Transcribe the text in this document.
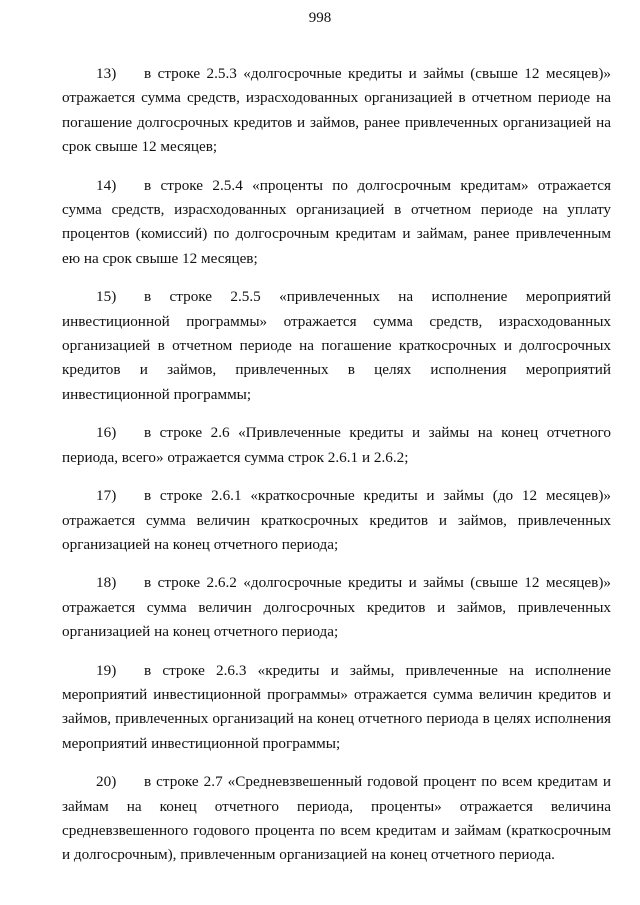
998

13) в строке 2.5.3 «долгосрочные кредиты и займы (свыше 12 месяцев)» отражается сумма средств, израсходованных организацией в отчетном периоде на погашение долгосрочных кредитов и займов, ранее привлеченных организацией на срок свыше 12 месяцев;

14) в строке 2.5.4 «проценты по долгосрочным кредитам» отражается сумма средств, израсходованных организацией в отчетном периоде на уплату процентов (комиссий) по долгосрочным кредитам и займам, ранее привлеченным ею на срок свыше 12 месяцев;

15) в строке 2.5.5 «привлеченных на исполнение мероприятий инвестиционной программы» отражается сумма средств, израсходованных организацией в отчетном периоде на погашение краткосрочных и долгосрочных кредитов и займов, привлеченных в целях исполнения мероприятий инвестиционной программы;

16) в строке 2.6 «Привлеченные кредиты и займы на конец отчетного периода, всего» отражается сумма строк 2.6.1 и 2.6.2;

17) в строке 2.6.1 «краткосрочные кредиты и займы (до 12 месяцев)» отражается сумма величин краткосрочных кредитов и займов, привлеченных организацией на конец отчетного периода;

18) в строке 2.6.2 «долгосрочные кредиты и займы (свыше 12 месяцев)» отражается сумма величин долгосрочных кредитов и займов, привлеченных организацией на конец отчетного периода;

19) в строке 2.6.3 «кредиты и займы, привлеченные на исполнение мероприятий инвестиционной программы» отражается сумма величин кредитов и займов, привлеченных организаций на конец отчетного периода в целях исполнения мероприятий инвестиционной программы;

20) в строке 2.7 «Средневзвешенный годовой процент по всем кредитам и займам на конец отчетного периода, проценты» отражается величина средневзвешенного годового процента по всем кредитам и займам (краткосрочным и долгосрочным), привлеченным организацией на конец отчетного периода.
